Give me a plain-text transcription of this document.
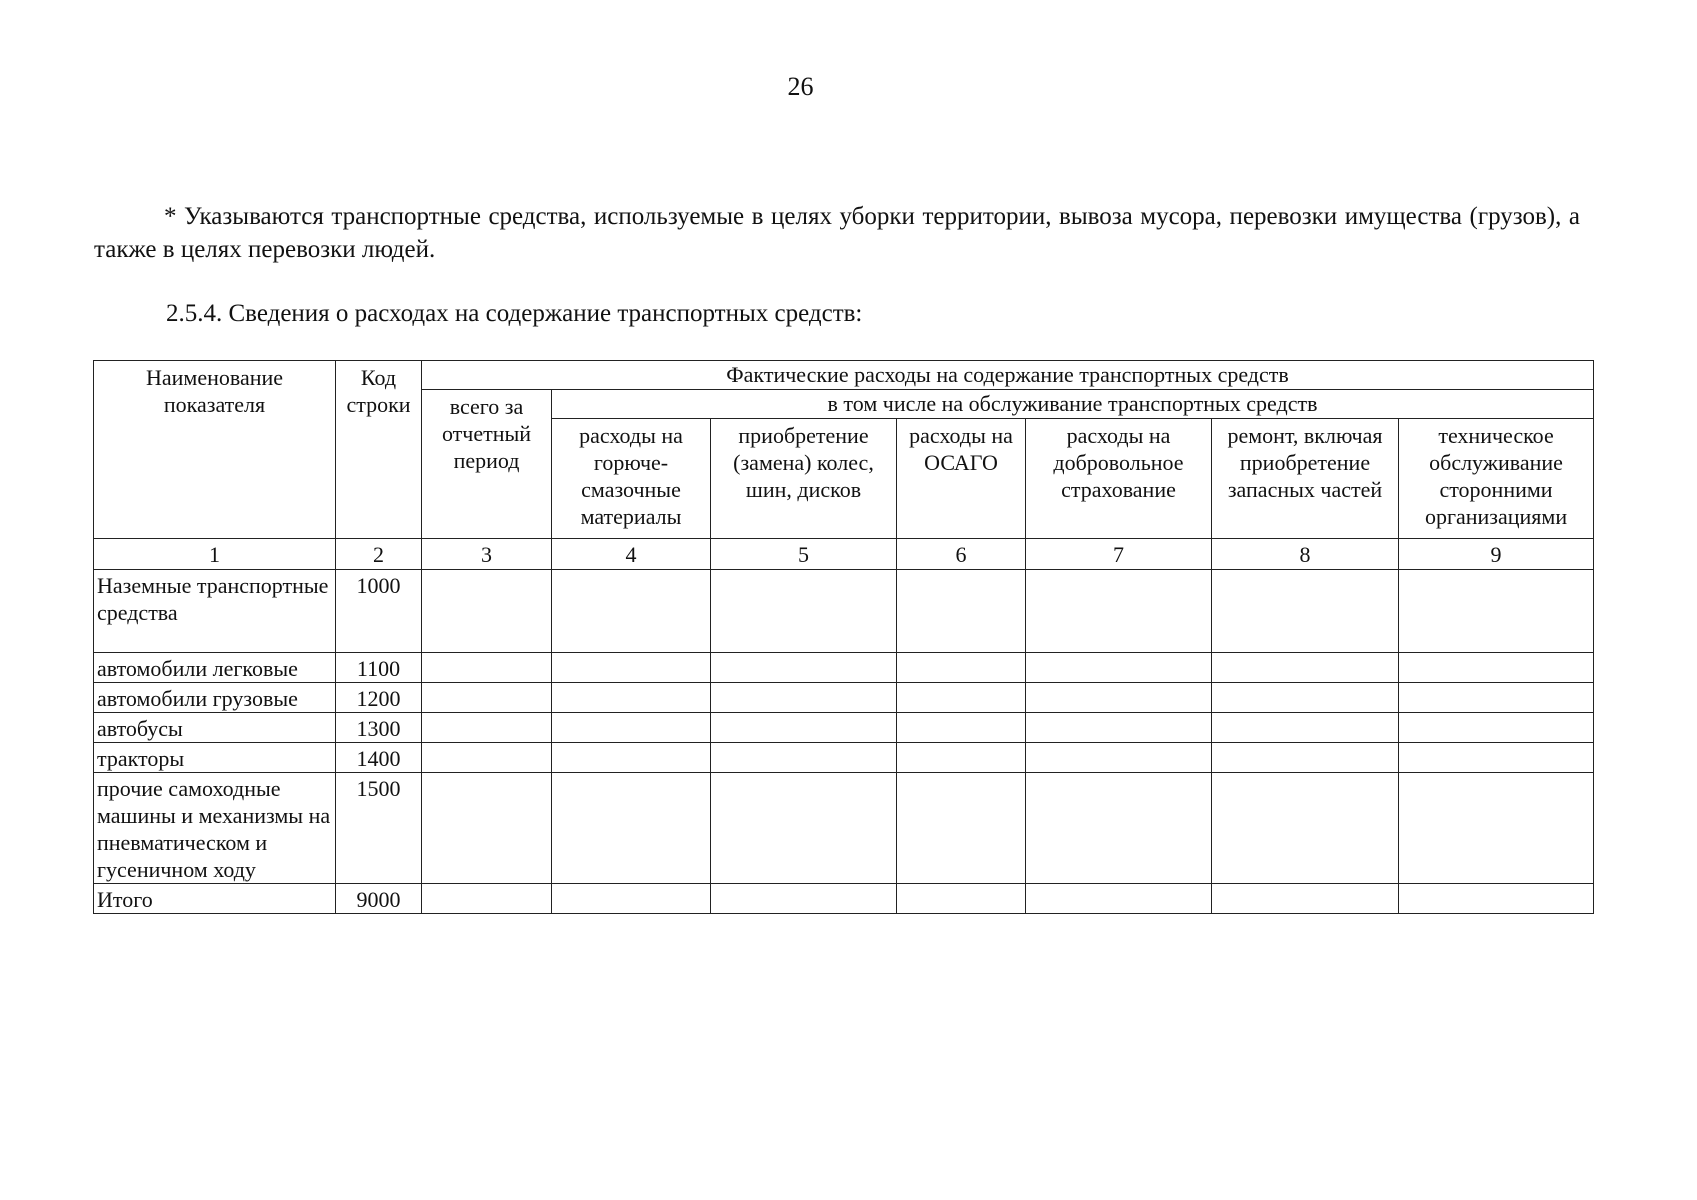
26
* Указываются транспортные средства, используемые в целях уборки территории, вывоза мусора, перевозки имущества (грузов), а также в целях перевозки людей.
2.5.4. Сведения о расходах на содержание транспортных средств:
Наименование показателя	Код строки	Фактические расходы на содержание транспортных средств						
		всего за отчетный период	в том числе на обслуживание транспортных средств					
			расходы на горюче-смазочные материалы	приобретение (замена) колес, шин, дисков	расходы на ОСАГО	расходы на добровольное страхование	ремонт, включая приобретение запасных частей	техническое обслуживание сторонними организациями
1	2	3	4	5	6	7	8	9
Наземные транспортные средства	1000							
автомобили легковые	1100							
автомобили грузовые	1200							
автобусы	1300							
тракторы	1400							
прочие самоходные машины и механизмы на пневматическом и гусеничном ходу	1500							
Итого	9000							
